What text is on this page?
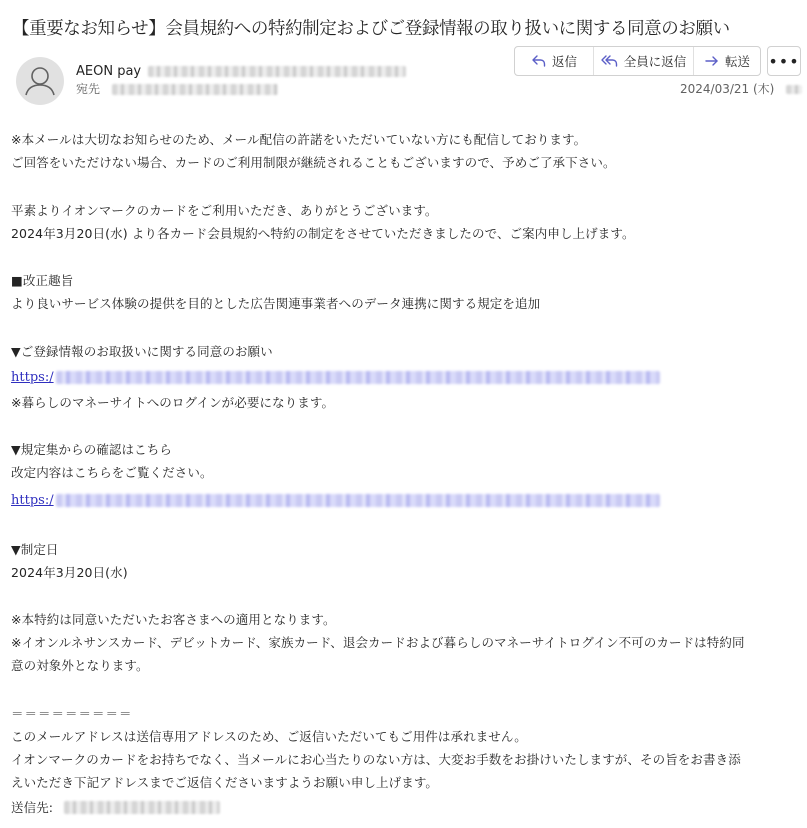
【重要なお知らせ】会員規約への特約制定およびご登録情報の取り扱いに関する同意のお願い
AEON pay
宛先
返信	全員に返信	転送 •••
2024/03/21 (木)
※本メールは大切なお知らせのため、メール配信の許諾をいただいていない方にも配信しております。
ご回答をいただけない場合、カードのご利用制限が継続されることもございますので、予めご了承下さい。
平素よりイオンマークのカードをご利用いただき、ありがとうございます。
2024年3月20日(水) より各カード会員規約へ特約の制定をさせていただきましたので、ご案内申し上げます。
■改正趣旨
より良いサービス体験の提供を目的とした広告関連事業者へのデータ連携に関する規定を追加
▼ご登録情報のお取扱いに関する同意のお願い
https:/
※暮らしのマネーサイトへのログインが必要になります。
▼規定集からの確認はこちら
改定内容はこちらをご覧ください。
https:/
▼制定日
2024年3月20日(水)
※本特約は同意いただいたお客さまへの適用となります。
※イオンルネサンスカード、デビットカード、家族カード、退会カードおよび暮らしのマネーサイトログイン不可のカードは特約同
意の対象外となります。
＝＝＝＝＝＝＝＝＝
このメールアドレスは送信専用アドレスのため、ご返信いただいてもご用件は承れません。
イオンマークのカードをお持ちでなく、当メールにお心当たりのない方は、大変お手数をお掛けいたしますが、その旨をお書き添
えいただき下記アドレスまでご返信くださいますようお願い申し上げます。
送信先:
